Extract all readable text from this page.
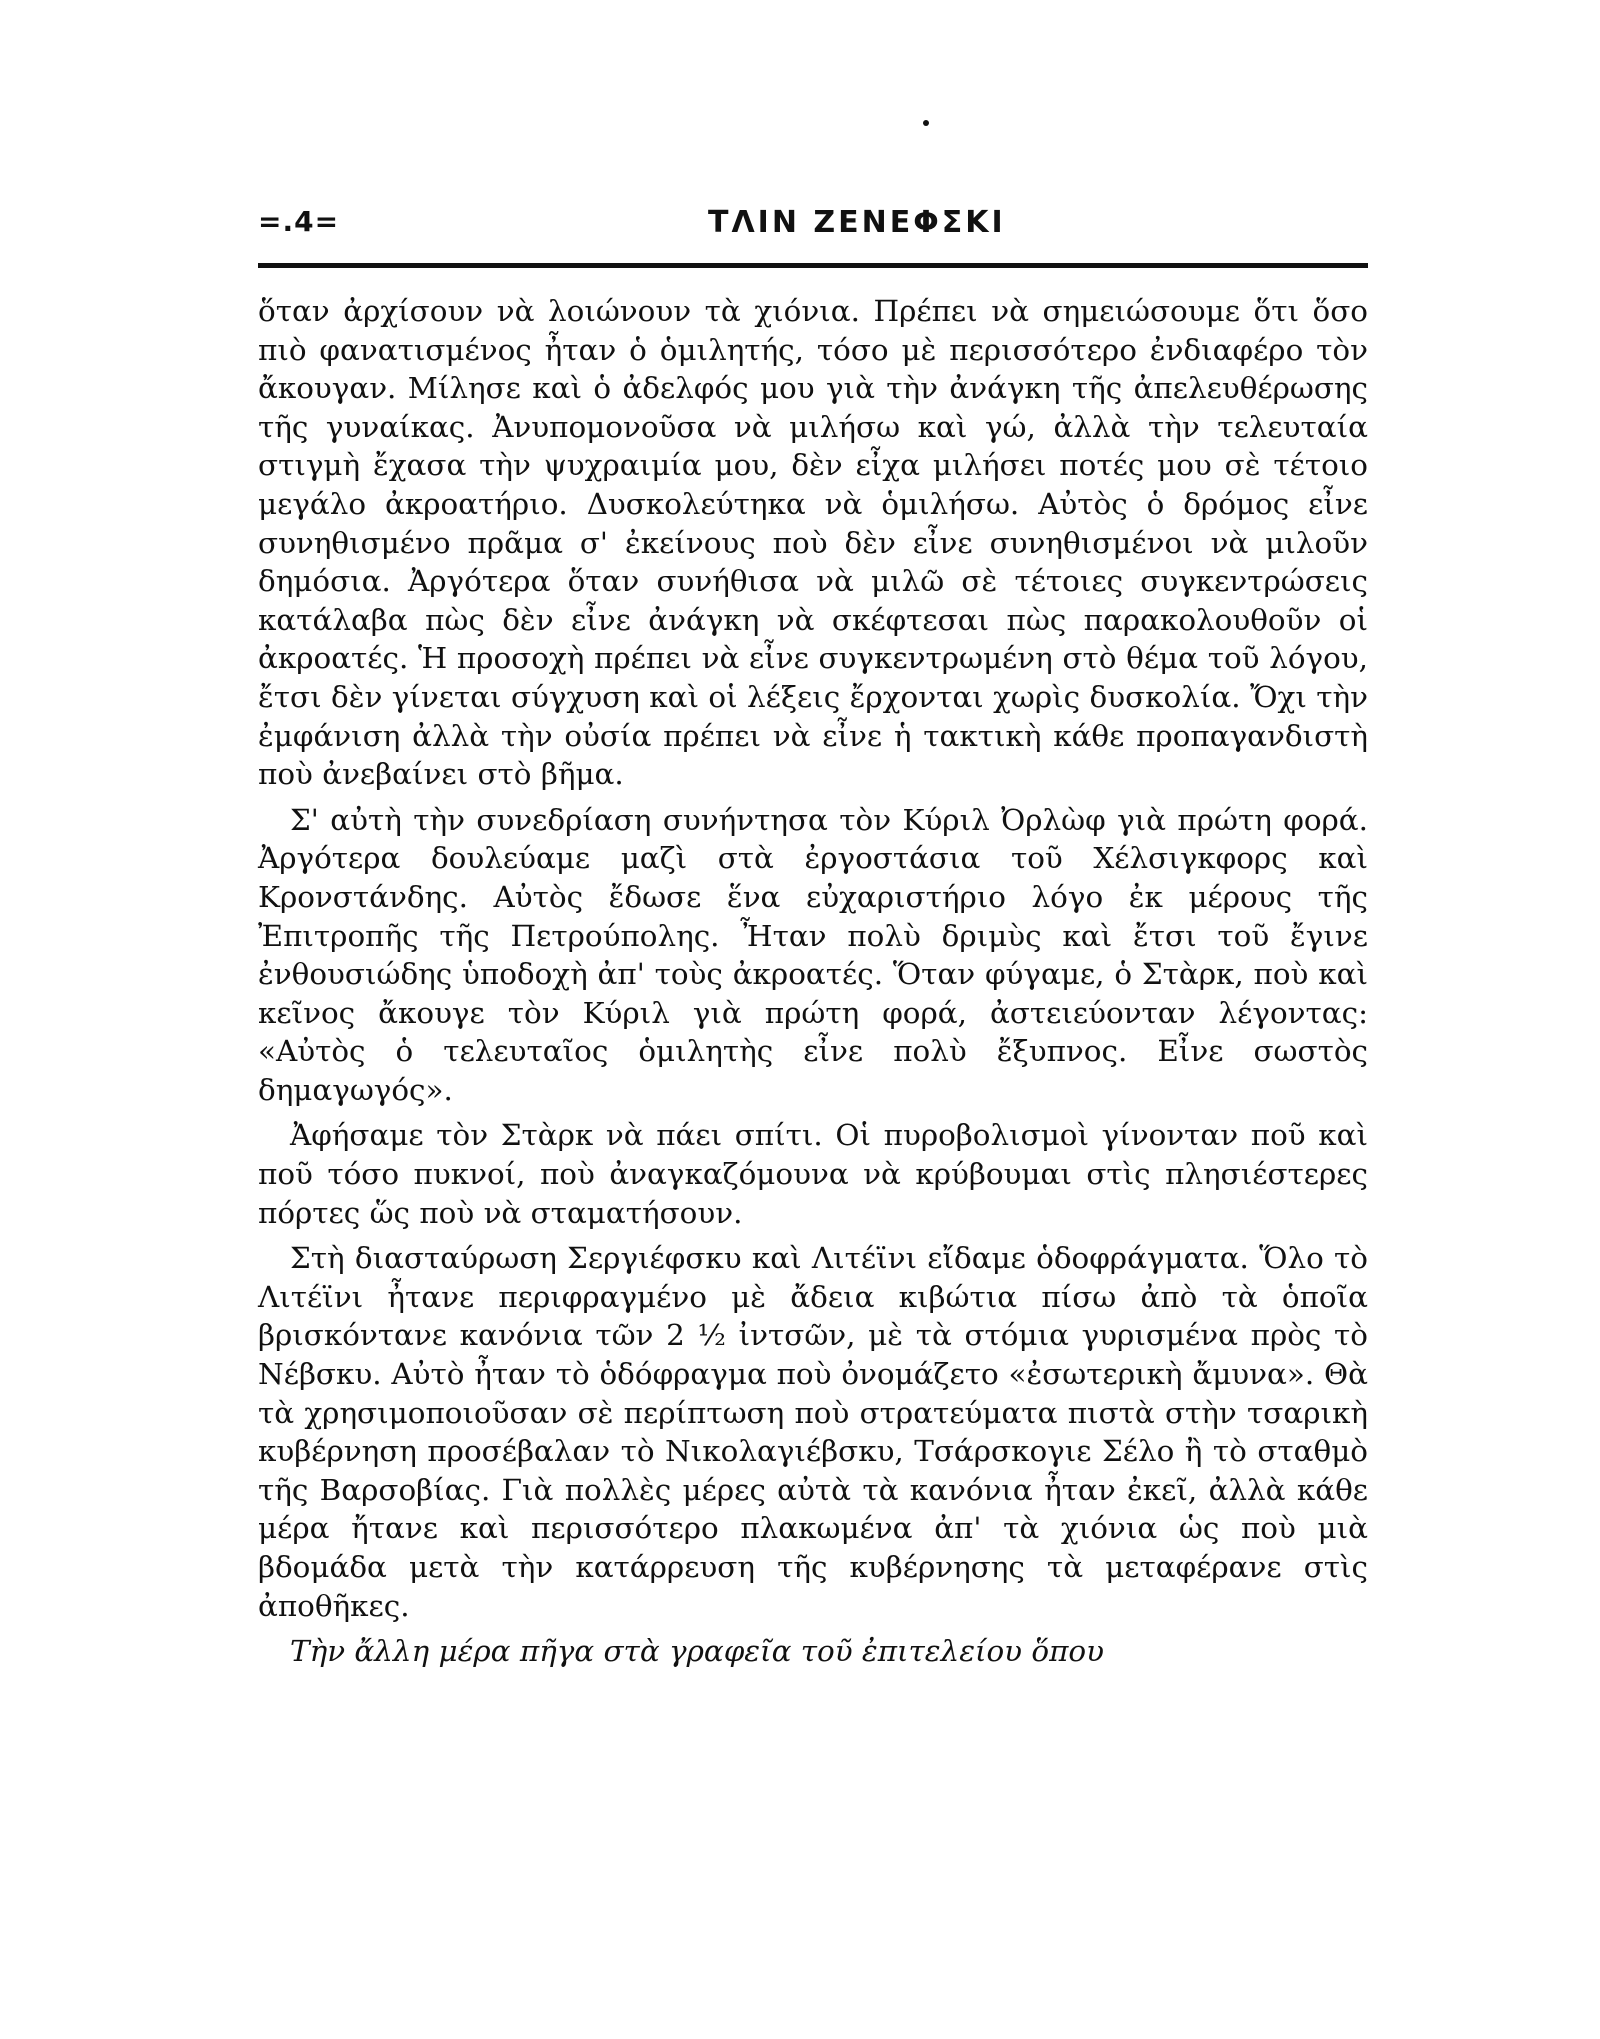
=.4=	ΤΛΙΝ ΖΕΝΕΦΣΚΙ

ὅταν ἀρχίσουν νὰ λοιώνουν τὰ χιόνια. Πρέπει νὰ σημειώσουμε ὅτι ὅσο πιὸ φανατισμένος ἦταν ὁ ὁμιλητής, τόσο μὲ περισσότερο ἐνδιαφέρο τὸν ἄκουγαν. Μίλησε καὶ ὁ ἀδελφός μου γιὰ τὴν ἀνάγκη τῆς ἀπελευθέρωσης τῆς γυναίκας. Ἀνυπομονοῦσα νὰ μιλήσω καὶ γώ, ἀλλὰ τὴν τελευταία στιγμὴ ἔχασα τὴν ψυχραιμία μου, δὲν εἶχα μιλήσει ποτές μου σὲ τέτοιο μεγάλο ἀκροατήριο. Δυσκολεύτηκα νὰ ὁμιλήσω. Αὐτὸς ὁ δρόμος εἶνε συνηθισμένο πρᾶμα σ' ἐκείνους ποὺ δὲν εἶνε συνηθισμένοι νὰ μιλοῦν δημόσια. Ἀργότερα ὅταν συνήθισα νὰ μιλῶ σὲ τέτοιες συγκεντρώσεις κατάλαβα πὼς δὲν εἶνε ἀνάγκη νὰ σκέφτεσαι πὼς παρακολουθοῦν οἱ ἀκροατές. Ἡ προσοχὴ πρέπει νὰ εἶνε συγκεντρωμένη στὸ θέμα τοῦ λόγου, ἔτσι δὲν γίνεται σύγχυση καὶ οἱ λέξεις ἔρχονται χωρὶς δυσκολία. Ὄχι τὴν ἐμφάνιση ἀλλὰ τὴν οὐσία πρέπει νὰ εἶνε ἡ τακτικὴ κάθε προπαγανδιστὴ ποὺ ἀνεβαίνει στὸ βῆμα.

Σ' αὐτὴ τὴν συνεδρίαση συνήντησα τὸν Κύριλ Ὀρλὼφ γιὰ πρώτη φορά. Ἀργότερα δουλεύαμε μαζὶ στὰ ἐργοστάσια τοῦ Χέλσιγκφορς καὶ Κρονστάνδης. Αὐτὸς ἔδωσε ἕνα εὐχαριστήριο λόγο ἐκ μέρους τῆς Ἐπιτροπῆς τῆς Πετρούπολης. Ἦταν πολὺ δριμὺς καὶ ἔτσι τοῦ ἔγινε ἐνθουσιώδης ὑποδοχὴ ἀπ' τοὺς ἀκροατές. Ὅταν φύγαμε, ὁ Στὰρκ, ποὺ καὶ κεῖνος ἄκουγε τὸν Κύριλ γιὰ πρώτη φορά, ἀστειεύονταν λέγοντας: «Αὐτὸς ὁ τελευταῖος ὁμιλητὴς εἶνε πολὺ ἔξυπνος. Εἶνε σωστὸς δημαγωγός».

Ἀφήσαμε τὸν Στὰρκ νὰ πάει σπίτι. Οἱ πυροβολισμοὶ γίνονταν ποῦ καὶ ποῦ τόσο πυκνοί, ποὺ ἀναγκαζόμουνα νὰ κρύβουμαι στὶς πλησιέστερες πόρτες ὥς ποὺ νὰ σταματήσουν.

Στὴ διασταύρωση Σεργιέφσκυ καὶ Λιτέϊνι εἴδαμε ὁδοφράγματα. Ὅλο τὸ Λιτέϊνι ἦτανε περιφραγμένο μὲ ἄδεια κιβώτια πίσω ἀπὸ τὰ ὁποῖα βρισκόντανε κανόνια τῶν 2 ½ ἰντσῶν, μὲ τὰ στόμια γυρισμένα πρὸς τὸ Νέβσκυ. Αὐτὸ ἦταν τὸ ὁδόφραγμα ποὺ ὀνομάζετο «ἐσωτερικὴ ἄμυνα». Θὰ τὰ χρησιμοποιοῦσαν σὲ περίπτωση ποὺ στρατεύματα πιστὰ στὴν τσαρικὴ κυβέρνηση προσέβαλαν τὸ Νικολαγιέβσκυ, Τσάρσκογιε Σέλο ἢ τὸ σταθμὸ τῆς Βαρσοβίας. Γιὰ πολλὲς μέρες αὐτὰ τὰ κανόνια ἦταν ἐκεῖ, ἀλλὰ κάθε μέρα ἤτανε καὶ περισσότερο πλακωμένα ἀπ' τὰ χιόνια ὡς ποὺ μιὰ βδομάδα μετὰ τὴν κατάρρευση τῆς κυβέρνησης τὰ μεταφέρανε στὶς ἀποθῆκες.

Τὴν ἄλλη μέρα πῆγα στὰ γραφεῖα τοῦ ἐπιτελείου ὅπου
